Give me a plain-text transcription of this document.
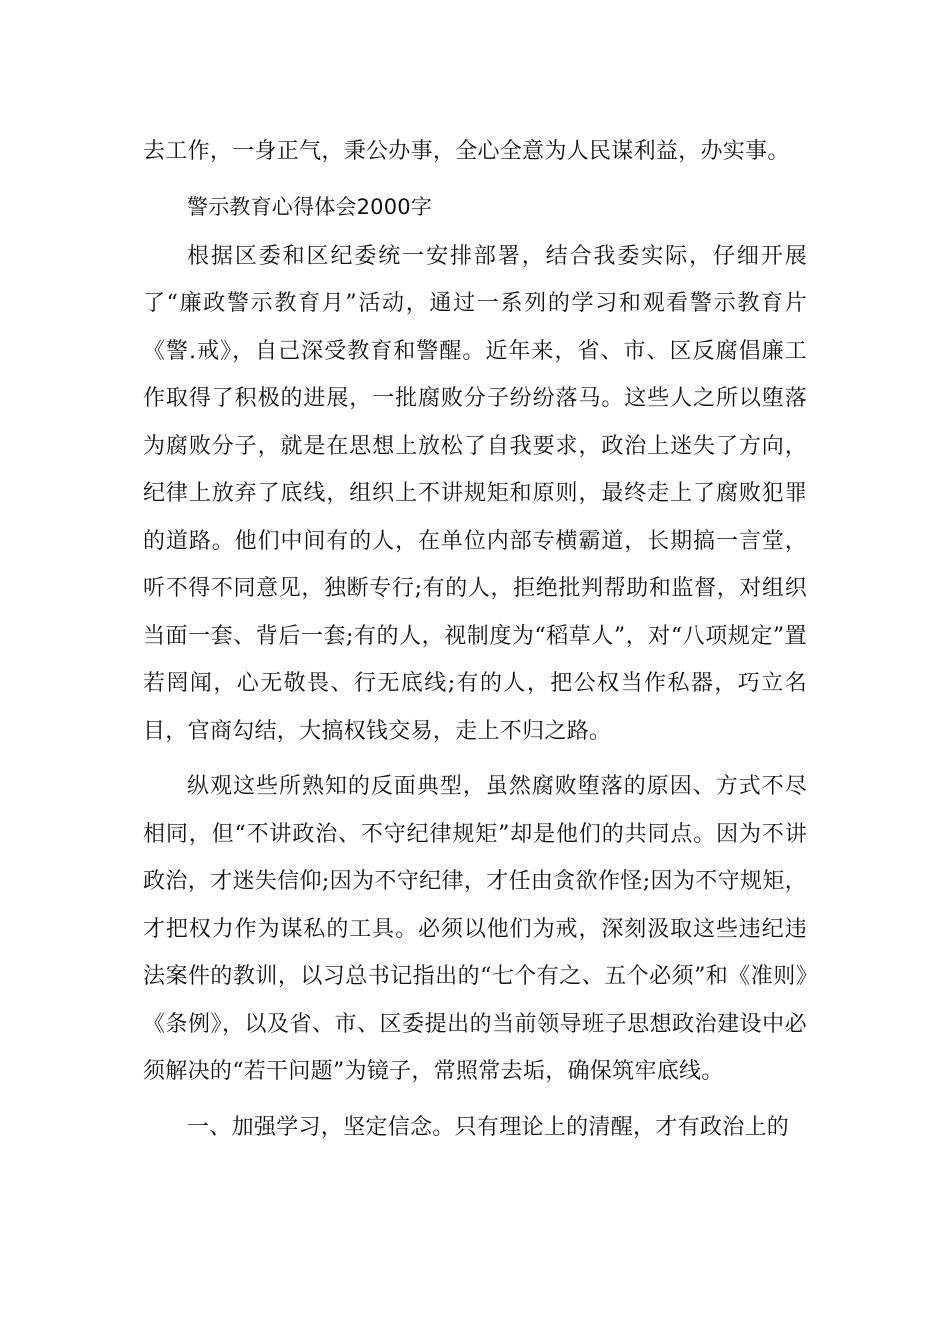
去工作，一身正气，秉公办事，全心全意为人民谋利益，办实事。

警示教育心得体会2000字

根据区委和区纪委统一安排部署，结合我委实际，仔细开展了“廉政警示教育月”活动，通过一系列的学习和观看警示教育片《警.戒》，自己深受教育和警醒。近年来，省、市、区反腐倡廉工作取得了积极的进展，一批腐败分子纷纷落马。这些人之所以堕落为腐败分子，就是在思想上放松了自我要求，政治上迷失了方向，纪律上放弃了底线，组织上不讲规矩和原则，最终走上了腐败犯罪的道路。他们中间有的人，在单位内部专横霸道，长期搞一言堂，听不得不同意见，独断专行;有的人，拒绝批判帮助和监督，对组织当面一套、背后一套;有的人，视制度为“稻草人”，对“八项规定”置若罔闻，心无敬畏、行无底线;有的人，把公权当作私器，巧立名目，官商勾结，大搞权钱交易，走上不归之路。

纵观这些所熟知的反面典型，虽然腐败堕落的原因、方式不尽相同，但“不讲政治、不守纪律规矩”却是他们的共同点。因为不讲政治，才迷失信仰;因为不守纪律，才任由贪欲作怪;因为不守规矩，才把权力作为谋私的工具。必须以他们为戒，深刻汲取这些违纪违法案件的教训，以习总书记指出的“七个有之、五个必须”和《准则》《条例》，以及省、市、区委提出的当前领导班子思想政治建设中必须解决的“若干问题”为镜子，常照常去垢，确保筑牢底线。

一、加强学习，坚定信念。只有理论上的清醒，才有政治上的
